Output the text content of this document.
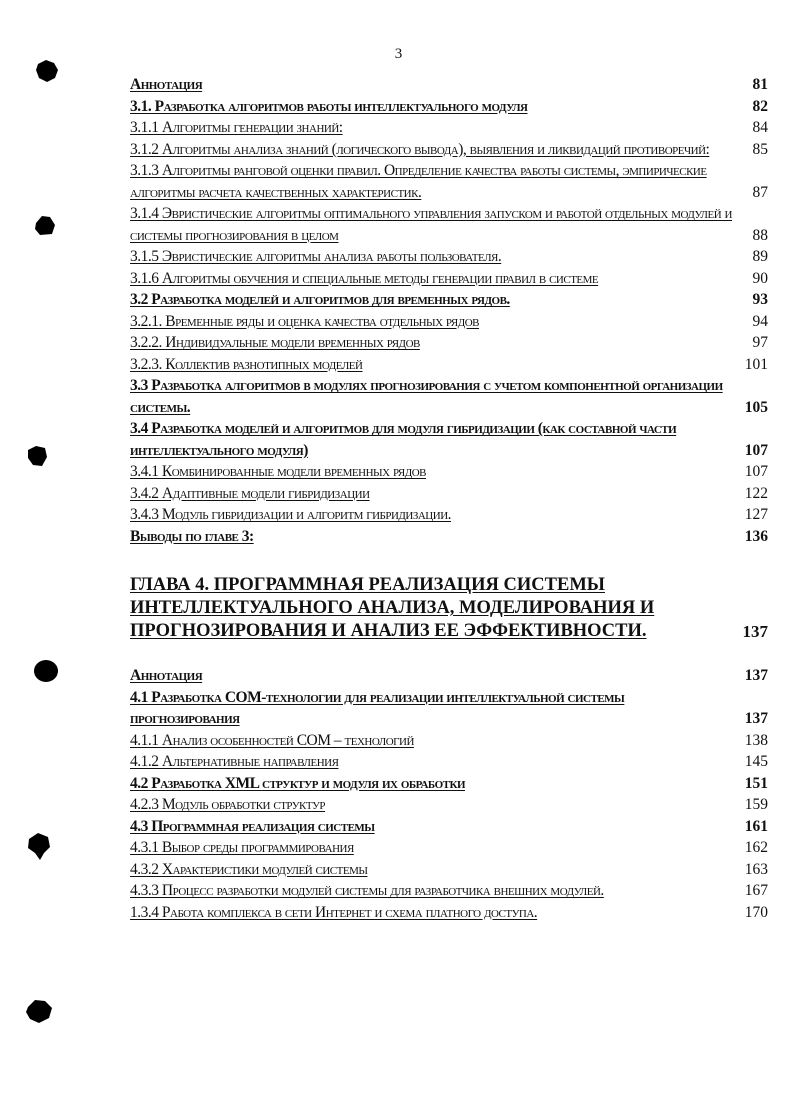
3
Аннотация	81
3.1. Разработка алгоритмов работы интеллектуального модуля	82
3.1.1 Алгоритмы генерации знаний:	84
3.1.2 Алгоритмы анализа знаний (логического вывода), выявления и ликвидаций противоречий:	85
3.1.3 Алгоритмы ранговой оценки правил. Определение качества работы системы, эмпирические алгоритмы расчета качественных характеристик.	87
3.1.4 Эвристические алгоритмы оптимального управления запуском и работой отдельных модулей и системы прогнозирования в целом	88
3.1.5 Эвристические алгоритмы анализа работы пользователя.	89
3.1.6 Алгоритмы обучения и специальные методы генерации правил в системе	90
3.2 Разработка моделей и алгоритмов для временных рядов.	93
3.2.1. Временные ряды и оценка качества отдельных рядов	94
3.2.2. Индивидуальные модели временных рядов	97
3.2.3. Коллектив разнотипных моделей	101
3.3 Разработка алгоритмов в модулях прогнозирования с учетом компонентной организации системы.	105
3.4 Разработка моделей и алгоритмов для модуля гибридизации (как составной части интеллектуального модуля)	107
3.4.1 Комбинированные модели временных рядов	107
3.4.2 Адаптивные модели гибридизации	122
3.4.3 Модуль гибридизации и алгоритм гибридизации.	127
Выводы по главе 3:	136
ГЛАВА 4. ПРОГРАММНАЯ РЕАЛИЗАЦИЯ СИСТЕМЫ ИНТЕЛЛЕКТУАЛЬНОГО АНАЛИЗА, МОДЕЛИРОВАНИЯ И ПРОГНОЗИРОВАНИЯ И АНАЛИЗ ЕЕ ЭФФЕКТИВНОСТИ.	137
Аннотация	137
4.1 Разработка COM-технологии для реализации интеллектуальной системы прогнозирования	137
4.1.1 Анализ особенностей COM – технологий	138
4.1.2 Альтернативные направления	145
4.2 Разработка XML структур и модуля их обработки	151
4.2.3 Модуль обработки структур	159
4.3 Программная реализация системы	161
4.3.1 Выбор среды программирования	162
4.3.2 Характеристики модулей системы	163
4.3.3 Процесс разработки модулей системы для разработчика внешних модулей.	167
1.3.4 Работа комплекса в сети Интернет и схема платного доступа.	170
